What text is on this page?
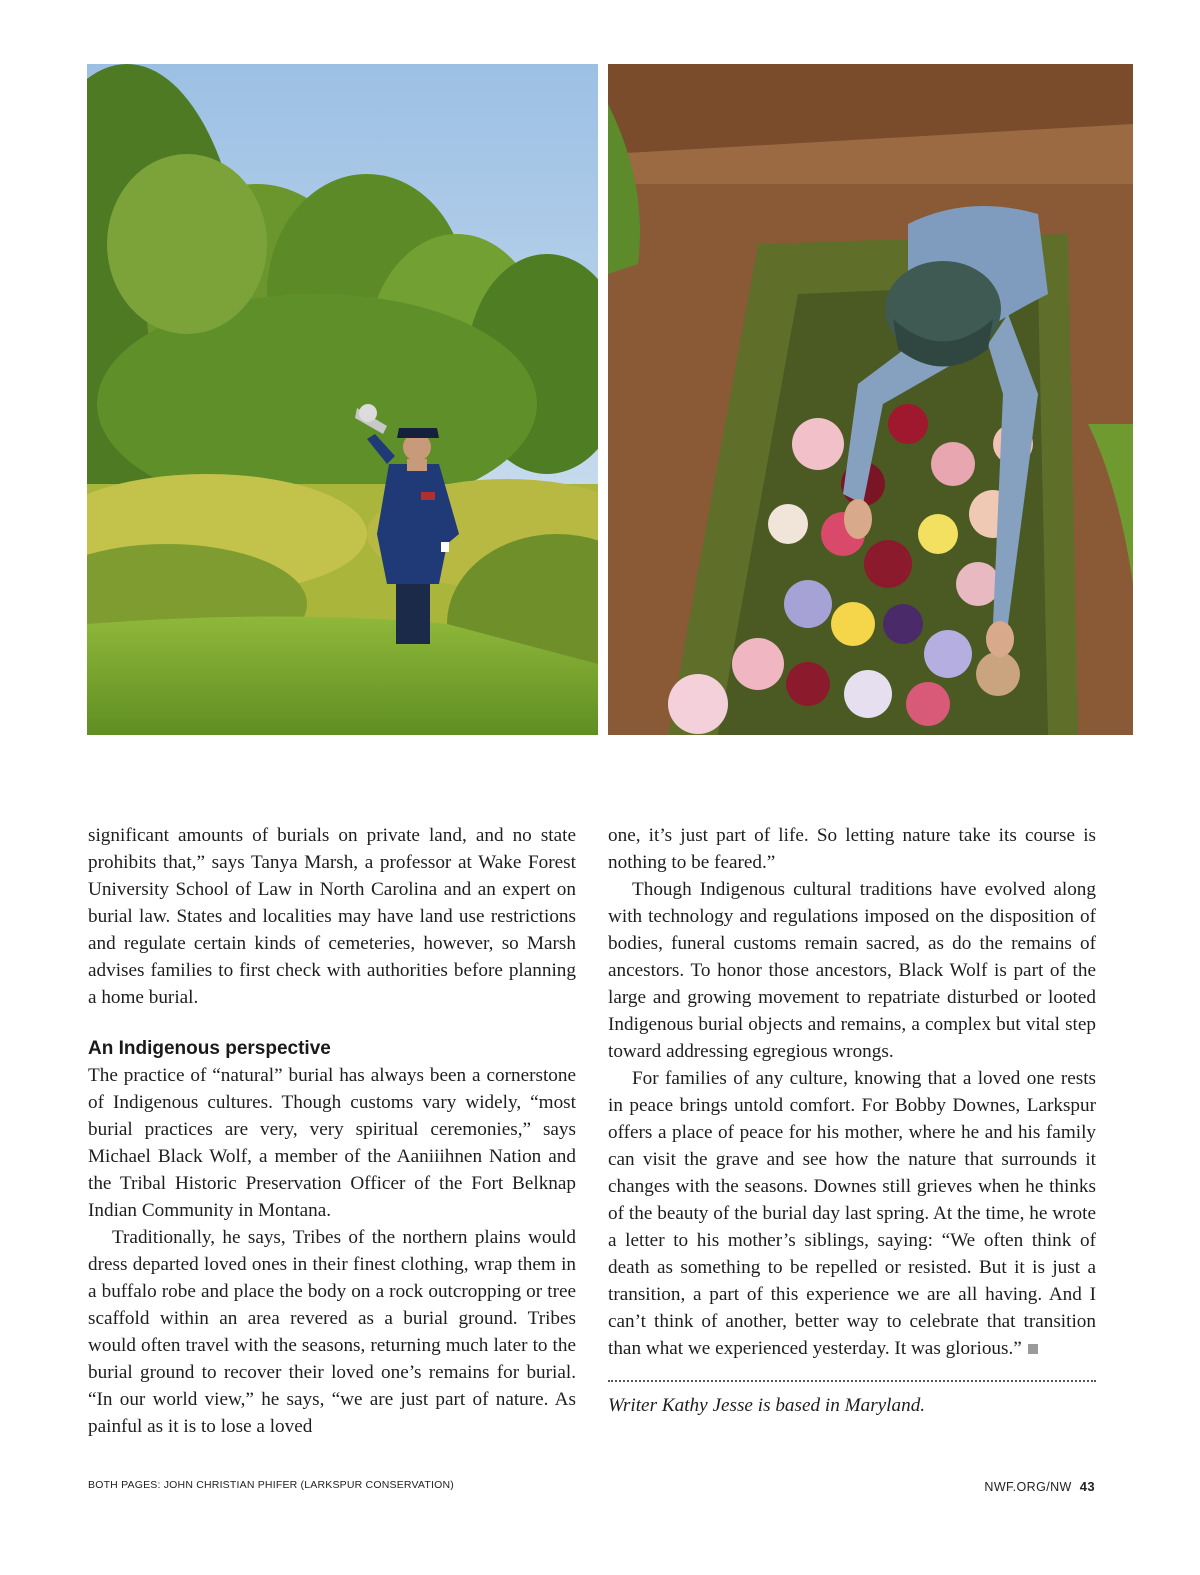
significant amounts of burials on private land, and no state prohibits that,” says Tanya Marsh, a professor at Wake Forest University School of Law in North Carolina and an expert on burial law. States and localities may have land use restrictions and regulate certain kinds of cemeteries, however, so Marsh advises families to first check with authorities before planning a home burial.

An Indigenous perspective

The practice of “natural” burial has always been a cornerstone of Indigenous cultures. Though customs vary widely, “most burial practices are very, very spiritual ceremonies,” says Michael Black Wolf, a member of the Aaniiihnen Nation and the Tribal Historic Preservation Officer of the Fort Belknap Indian Community in Montana.

Traditionally, he says, Tribes of the northern plains would dress departed loved ones in their finest clothing, wrap them in a buffalo robe and place the body on a rock outcropping or tree scaffold within an area revered as a burial ground. Tribes would often travel with the seasons, returning much later to the burial ground to recover their loved one’s remains for burial. “In our world view,” he says, “we are just part of nature. As painful as it is to lose a loved

one, it’s just part of life. So letting nature take its course is nothing to be feared.”

Though Indigenous cultural traditions have evolved along with technology and regulations imposed on the disposition of bodies, funeral customs remain sacred, as do the remains of ancestors. To honor those ancestors, Black Wolf is part of the large and growing movement to repatriate disturbed or looted Indigenous burial objects and remains, a complex but vital step toward addressing egregious wrongs.

For families of any culture, knowing that a loved one rests in peace brings untold comfort. For Bobby Downes, Larkspur offers a place of peace for his mother, where he and his family can visit the grave and see how the nature that surrounds it changes with the seasons. Downes still grieves when he thinks of the beauty of the burial day last spring. At the time, he wrote a letter to his mother’s siblings, saying: “We often think of death as something to be repelled or resisted. But it is just a transition, a part of this experience we are all having. And I can’t think of another, better way to celebrate that transition than what we experienced yesterday. It was glorious.”

Writer Kathy Jesse is based in Maryland.

BOTH PAGES: JOHN CHRISTIAN PHIFER (LARKSPUR CONSERVATION)	NWF.ORG/NW 43
